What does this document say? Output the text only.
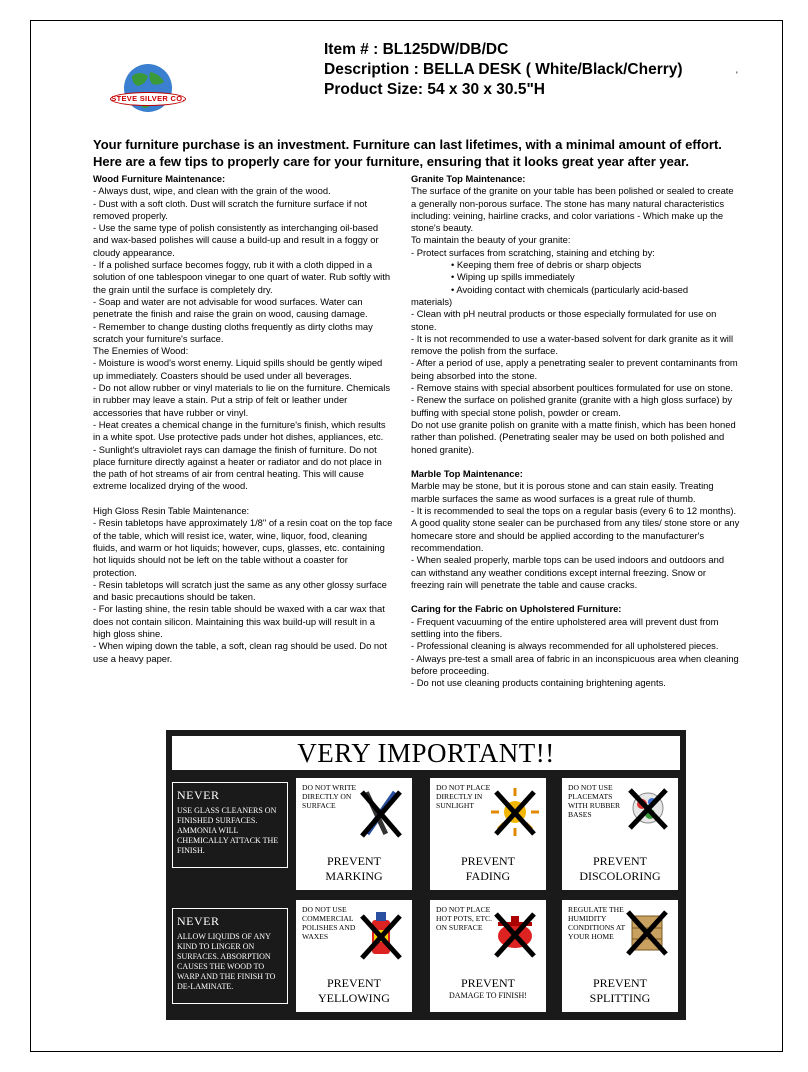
STEVE SILVER CO.
Item # : BL125DW/DB/DC
Description : BELLA DESK ( White/Black/Cherry)
Product Size: 54 x 30 x 30.5"H
'
Your furniture purchase is an investment. Furniture can last lifetimes, with a minimal amount of effort.
Here are a few tips to properly care for your furniture, ensuring that it looks great year after year.

Wood Furniture Maintenance:

- Always dust, wipe, and clean with the grain of the wood.

- Dust with a soft cloth. Dust will scratch the furniture surface if not removed properly.

- Use the same type of polish consistently as interchanging oil-based and wax-based polishes will cause a build-up and result in a foggy or cloudy appearance.

- If a polished surface becomes foggy, rub it with a cloth dipped in a solution of one tablespoon vinegar to one quart of water. Rub softly with the grain until the surface is completely dry.

- Soap and water are not advisable for wood surfaces. Water can penetrate the finish and raise the grain on wood, causing damage.

- Remember to change dusting cloths frequently as dirty cloths may scratch your furniture's surface.

The Enemies of Wood:

- Moisture is wood's worst enemy. Liquid spills should be gently wiped up immediately. Coasters should be used under all beverages.

- Do not allow rubber or vinyl materials to lie on the furniture. Chemicals in rubber may leave a stain. Put a strip of felt or leather under accessories that have rubber or vinyl.

- Heat creates a chemical change in the furniture's finish, which results in a white spot. Use protective pads under hot dishes, appliances, etc.

- Sunlight's ultraviolet rays can damage the finish of furniture. Do not place furniture directly against a heater or radiator and do not place in the path of hot streams of air from central heating. This will cause extreme localized drying of the wood.

High Gloss Resin Table Maintenance:

- Resin tabletops have approximately 1/8" of a resin coat on the top face of the table, which will resist ice, water, wine, liquor, food, cleaning fluids, and warm or hot liquids; however, cups, glasses, etc. containing hot liquids should not be left on the table without a coaster for protection.

- Resin tabletops will scratch just the same as any other glossy surface and basic precautions should be taken.

- For lasting shine, the resin table should be waxed with a car wax that does not contain silicon. Maintaining this wax build-up will result in a high gloss shine.

- When wiping down the table, a soft, clean rag should be used. Do not use a heavy paper.

Granite Top Maintenance:

The surface of the granite on your table has been polished or sealed to create a generally non-porous surface. The stone has many natural characteristics including: veining, hairline cracks, and color variations - Which make up the stone's beauty.

To maintain the beauty of your granite:

- Protect surfaces from scratching, staining and etching by:

• Keeping them free of debris or sharp objects

• Wiping up spills immediately

• Avoiding contact with chemicals (particularly acid-based

materials)

- Clean with pH neutral products or those especially formulated for use on stone.

- It is not recommended to use a water-based solvent for dark granite as it will remove the polish from the surface.

- After a period of use, apply a penetrating sealer to prevent contaminants from being absorbed into the stone.

- Remove stains with special absorbent poultices formulated for use on stone.

- Renew the surface on polished granite (granite with a high gloss surface) by buffing with special stone polish, powder or cream.

Do not use granite polish on granite with a matte finish, which has been honed rather than polished. (Penetrating sealer may be used on both polished and honed granite).

Marble Top Maintenance:

Marble may be stone, but it is porous stone and can stain easily. Treating marble surfaces the same as wood surfaces is a great rule of thumb.

- It is recommended to seal the tops on a regular basis (every 6 to 12 months). A good quality stone sealer can be purchased from any tiles/ stone store or any homecare store and should be applied according to the manufacturer's recommendation.

- When sealed properly, marble tops can be used indoors and outdoors and can withstand any weather conditions except internal freezing. Snow or freezing rain will penetrate the table and cause cracks.

Caring for the Fabric on Upholstered Furniture:

- Frequent vacuuming of the entire upholstered area will prevent dust from settling into the fibers.

- Professional cleaning is always recommended for all upholstered pieces.

- Always pre-test a small area of fabric in an inconspicuous area when cleaning before proceeding.

- Do not use cleaning products containing brightening agents.

VERY IMPORTANT!!
NEVER
USE GLASS CLEANERS ON FINISHED SURFACES. AMMONIA WILL CHEMICALLY ATTACK THE FINISH.
NEVER
ALLOW LIQUIDS OF ANY KIND TO LINGER ON SURFACES. ABSORPTION CAUSES THE WOOD TO WARP AND THE FINISH TO DE-LAMINATE.
DO NOT WRITE DIRECTLY ON SURFACE
PREVENT
MARKING
DO NOT PLACE DIRECTLY IN SUNLIGHT
PREVENT
FADING
DO NOT USE PLACEMATS WITH RUBBER BASES
PREVENT
DISCOLORING
DO NOT USE COMMERCIAL POLISHES AND WAXES
PREVENT
YELLOWING
DO NOT PLACE HOT POTS, ETC. ON SURFACE
PREVENT
DAMAGE TO FINISH!
REGULATE THE HUMIDITY CONDITIONS AT YOUR HOME
PREVENT
SPLITTING
